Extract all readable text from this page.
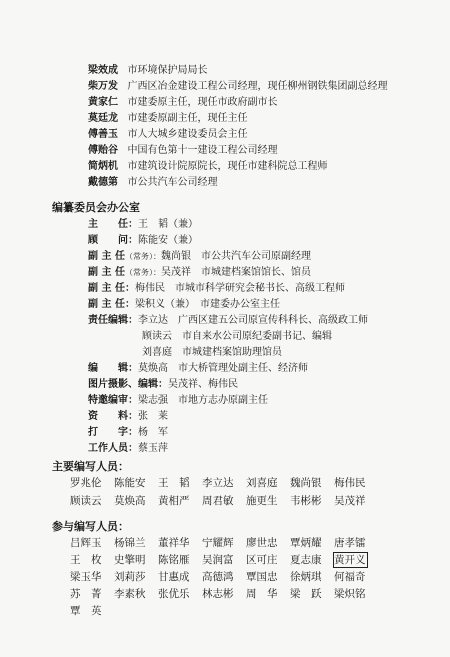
梁效成 市环境保护局局长
柴万发 广西区冶金建设工程公司经理，现任柳州钢铁集团副总经理
黄家仁 市建委原主任，现任市政府副市长
莫廷龙 市建委原副主任，现任主任
傅善玉 市人大城乡建设委员会主任
傅贻谷 中国有色第十一建设工程公司经理
简炳机 市建筑设计院原院长，现任市建科院总工程师
戴德第 市公共汽车公司经理
编纂委员会办公室
主　　任：王　韬（兼）
顾　　问：陈能安（兼）
副 主 任（常务）：魏尚银　市公共汽车公司原副经理
副 主 任（常务）：吴茂祥　市城建档案馆馆长、馆员
副 主 任：梅伟民　市城市科学研究会秘书长、高级工程师
副 主 任：梁积义（兼）　市建委办公室主任
责任编辑：李立达　广西区建五公司原宣传科科长、高级政工师
顾读云　市自来水公司原纪委副书记、编辑
刘喜庭　市城建档案馆助理馆员
编　　辑：莫焕高　市大桥管理处副主任、经济师
图片摄影、编辑：吴茂祥、梅伟民
特邀编审：梁志强　市地方志办原副主任
资　　料：张　莱
打　　字：杨　军
工作人员：蔡玉萍
主要编写人员：
罗兆伦	陈能安	王　韬	李立达	刘喜庭	魏尚银	梅伟民
顾读云	莫焕高	黄相严	周君敏	施更生	韦彬彬	吴茂祥
参与编写人员：
吕辉玉	杨锦兰	董祥华	宁耀辉	廖世忠	覃炳耀	唐孝镭
王　枚	史擎明	陈铭雁	吴润富	区可庄	夏志康	黄开义
梁玉华	刘莉莎	甘惠成	高德鸿	覃国忠	徐炳琪	何福奇
苏　菁	李素秋	张优乐	林志彬	周　华	梁　跃	梁炽铭
覃　英
